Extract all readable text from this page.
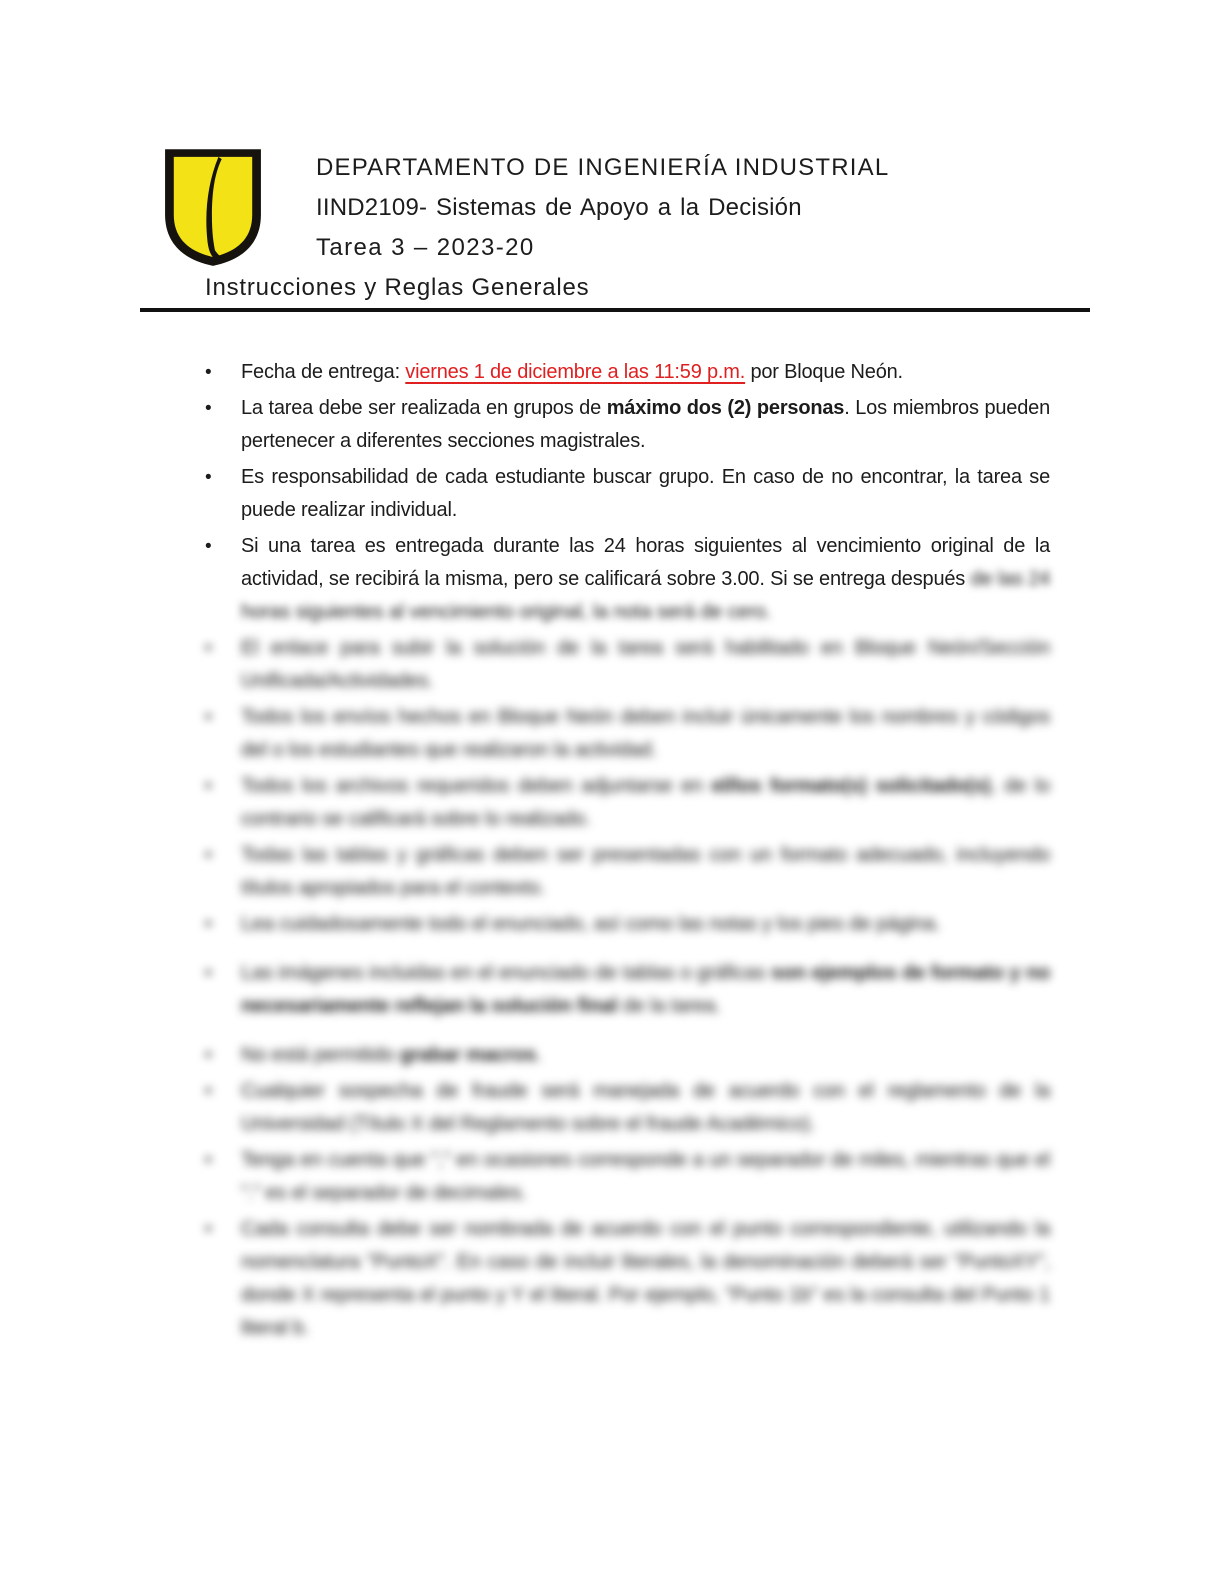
DEPARTAMENTO DE INGENIERÍA INDUSTRIAL
IIND2109- Sistemas de Apoyo a la Decisión
Tarea 3 – 2023-20
Instrucciones y Reglas Generales
•	Fecha de entrega: viernes 1 de diciembre a las 11:59 p.m. por Bloque Neón.
•	La tarea debe ser realizada en grupos de máximo dos (2) personas. Los miembros pueden pertenecer a diferentes secciones magistrales.
•	Es responsabilidad de cada estudiante buscar grupo. En caso de no encontrar, la tarea se puede realizar individual.
•	Si una tarea es entregada durante las 24 horas siguientes al vencimiento original de la actividad, se recibirá la misma, pero se calificará sobre 3.00. Si se entrega después de las 24 horas siguientes al vencimiento original, la nota será de cero.
•	El enlace para subir la solución de la tarea será habilitado en Bloque Neón/Sección Unificada/Actividades.
•	Todos los envíos hechos en Bloque Neón deben incluir únicamente los nombres y códigos del o los estudiantes que realizaron la actividad.
•	Todos los archivos requeridos deben adjuntarse en el/los formato(s) solicitado(s), de lo contrario se calificará sobre lo realizado.
•	Todas las tablas y gráficas deben ser presentadas con un formato adecuado, incluyendo títulos apropiados para el contexto.
•	Lea cuidadosamente todo el enunciado, así como las notas y los pies de página.
•	Las imágenes incluidas en el enunciado de tablas o gráficas son ejemplos de formato y no necesariamente reflejan la solución final de la tarea.
•	No está permitido grabar macros.
•	Cualquier sospecha de fraude será manejada de acuerdo con el reglamento de la Universidad (Título X del Reglamento sobre el fraude Académico).
•	Tenga en cuenta que "," en ocasiones corresponde a un separador de miles, mientras que el "." es el separador de decimales.
•	Cada consulta debe ser nombrada de acuerdo con el punto correspondiente, utilizando la nomenclatura "PuntoX". En caso de incluir literales, la denominación deberá ser "PuntoXY", donde X representa el punto y Y el literal. Por ejemplo, "Punto 1b" es la consulta del Punto 1 literal b.
